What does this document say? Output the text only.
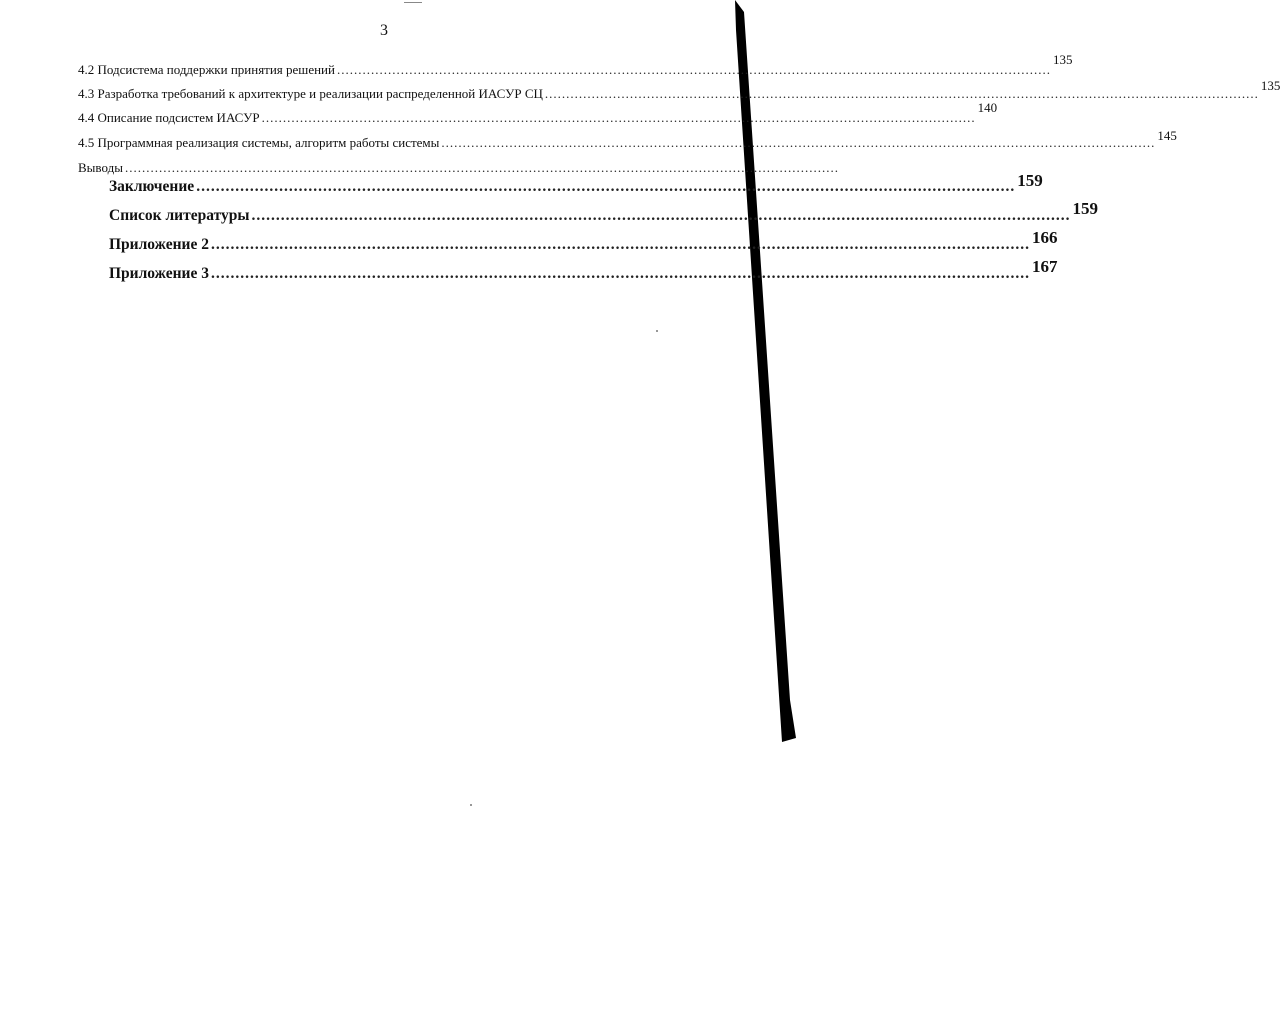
3
4.2 Подсистема поддержки принятия решений ........................................................................................................................................................................
135
4.3 Разработка требований к архитектуре и реализации распределенной ИАСУР СЦ ........................................................................................................................................................................
135
4.4 Описание подсистем ИАСУР ........................................................................................................................................................................
140
4.5 Программная реализация системы, алгоритм работы системы ........................................................................................................................................................................ 145
Выводы ........................................................................................................................................................................
Заключение ........................................................................................................................................................................ 159
Список литературы ........................................................................................................................................................................ 159
Приложение 2 ........................................................................................................................................................................ 166
Приложение 3 ........................................................................................................................................................................ 167
